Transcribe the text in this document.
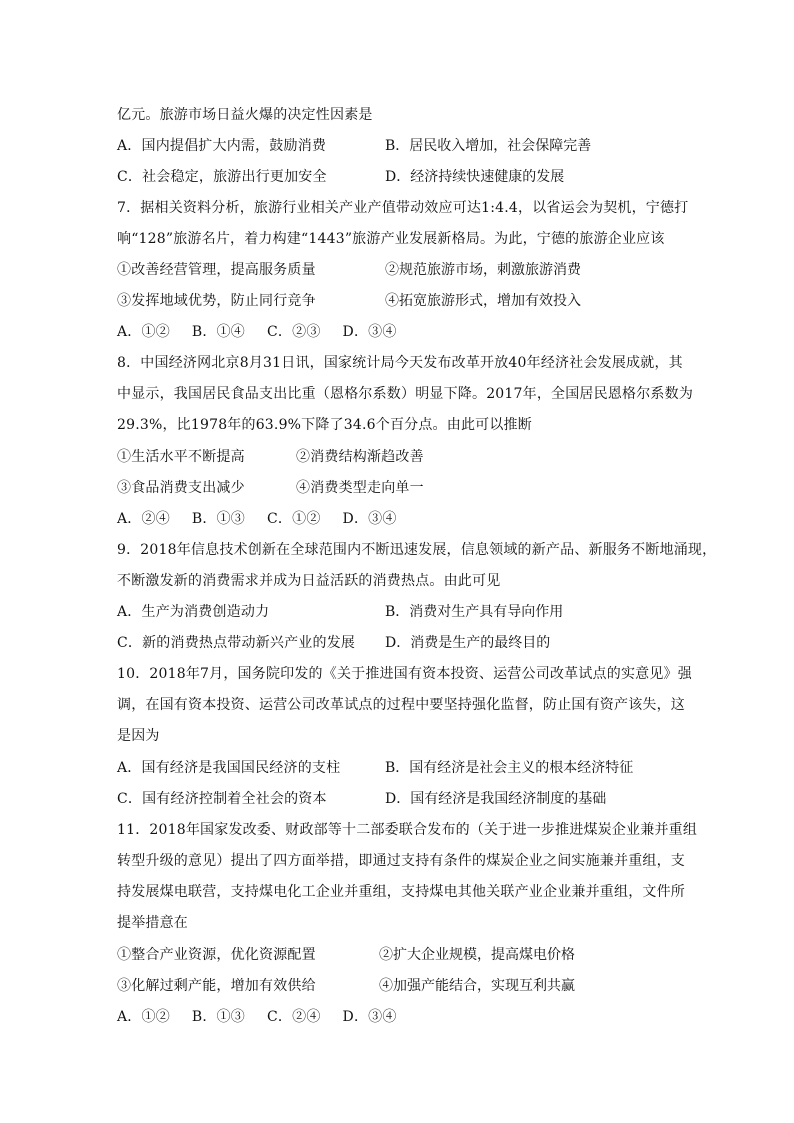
亿元。旅游市场日益火爆的决定性因素是
A．国内提倡扩大内需，鼓励消费	B．居民收入增加，社会保障完善
C．社会稳定，旅游出行更加安全	D．经济持续快速健康的发展
7．据相关资料分析，旅游行业相关产业产值带动效应可达1:4.4，以省运会为契机，宁德打
响“128”旅游名片，着力构建“1443”旅游产业发展新格局。为此，宁德的旅游企业应该
①改善经营管理，提高服务质量	②规范旅游市场，刺激旅游消费
③发挥地域优势，防止同行竞争	④拓宽旅游形式，增加有效投入
A．①② B．①④ C．②③ D．③④
8．中国经济网北京8月31日讯，国家统计局今天发布改革开放40年经济社会发展成就，其
中显示，我国居民食品支出比重（恩格尔系数）明显下降。2017年，全国居民恩格尔系数为
29.3%，比1978年的63.9%下降了34.6个百分点。由此可以推断
①生活水平不断提高	②消费结构渐趋改善
③食品消费支出减少	④消费类型走向单一
A．②④ B．①③ C．①② D．③④
9．2018年信息技术创新在全球范围内不断迅速发展，信息领域的新产品、新服务不断地涌现，
不断激发新的消费需求并成为日益活跃的消费热点。由此可见
A．生产为消费创造动力	B．消费对生产具有导向作用
C．新的消费热点带动新兴产业的发展 D．消费是生产的最终目的
10．2018年7月，国务院印发的《关于推进国有资本投资、运营公司改革试点的实意见》强
调，在国有资本投资、运营公司改革试点的过程中要坚持强化监督，防止国有资产该失，这
是因为
A．国有经济是我国国民经济的支柱	B．国有经济是社会主义的根本经济特征
C．国有经济控制着全社会的资本	D．国有经济是我国经济制度的基础
11．2018年国家发改委、财政部等十二部委联合发布的（关于进一步推进煤炭企业兼并重组
转型升级的意见）提出了四方面举措，即通过支持有条件的煤炭企业之间实施兼并重组，支
持发展煤电联营，支持煤电化工企业并重组，支持煤电其他关联产业企业兼并重组，文件所
提举措意在
①整合产业资源，优化资源配置	②扩大企业规模，提高煤电价格
③化解过剩产能，增加有效供给	④加强产能结合，实现互利共赢
A．①② B．①③ C．②④ D．③④
